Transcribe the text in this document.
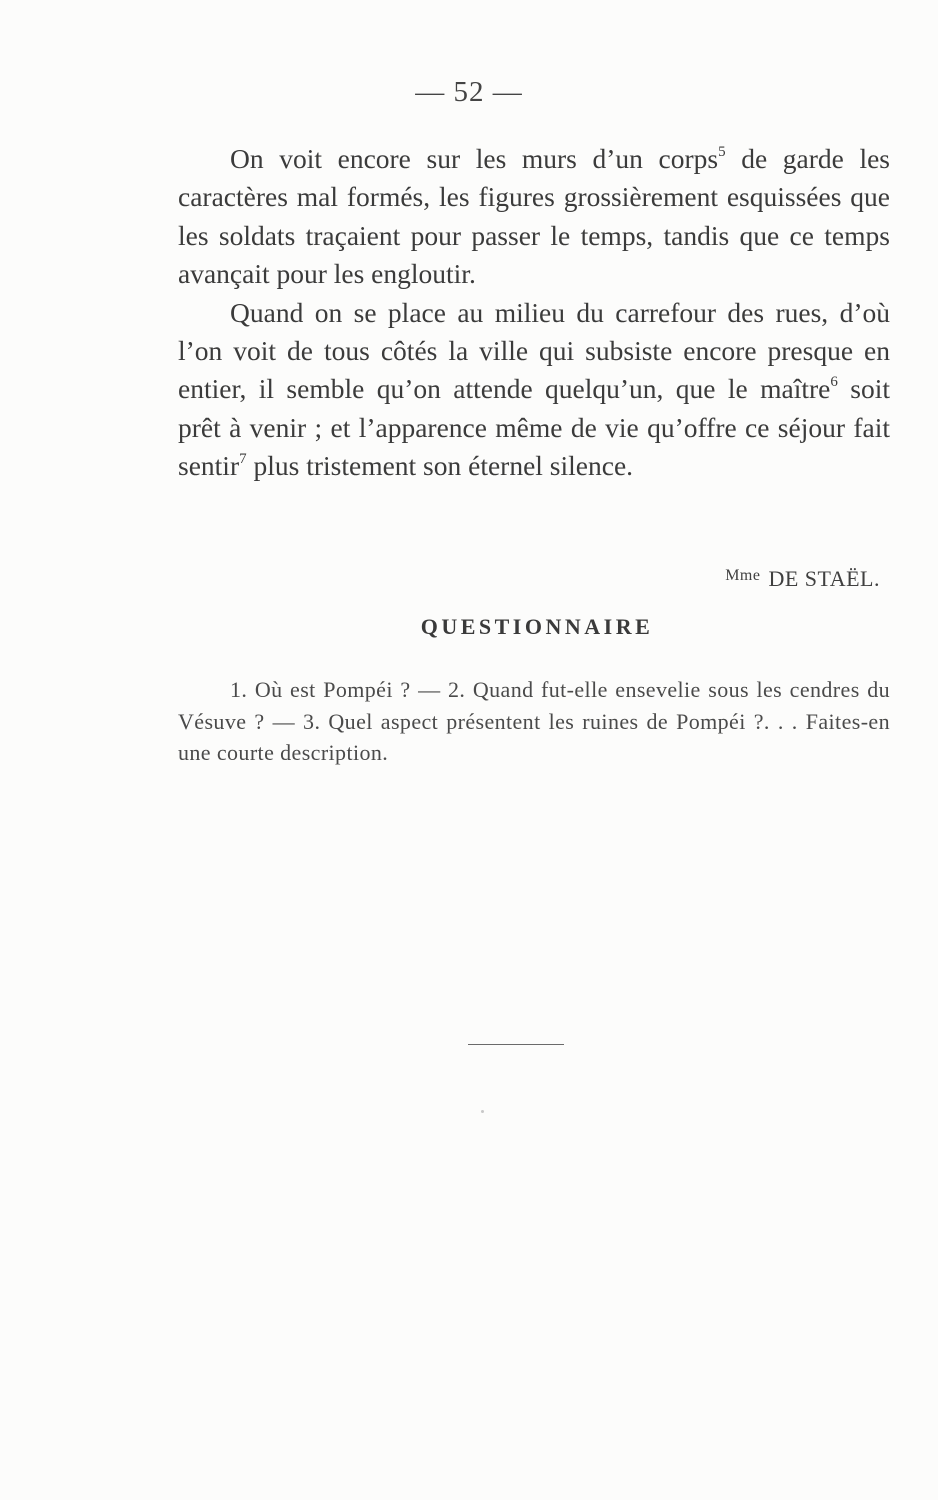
— 52 —

On voit encore sur les murs d’un corps$^5$ de garde les caractères mal formés, les figures grossièrement esquissées que les soldats traçaient pour passer le temps, tandis que ce temps avançait pour les engloutir.

Quand on se place au milieu du carrefour des rues, d’où l’on voit de tous côtés la ville qui subsiste encore presque en entier, il semble qu’on attende quelqu’un, que le maître$^6$ soit prêt à venir ; et l’apparence même de vie qu’offre ce séjour fait sentir$^7$ plus tristement son éternel silence.

$^{Mme}$ DE STAËL.
QUESTIONNAIRE

1. Où est Pompéi ? — 2. Quand fut-elle ensevelie sous les cendres du Vésuve ? — 3. Quel aspect présentent les ruines de Pompéi ?. . . Faites-en une courte description.
